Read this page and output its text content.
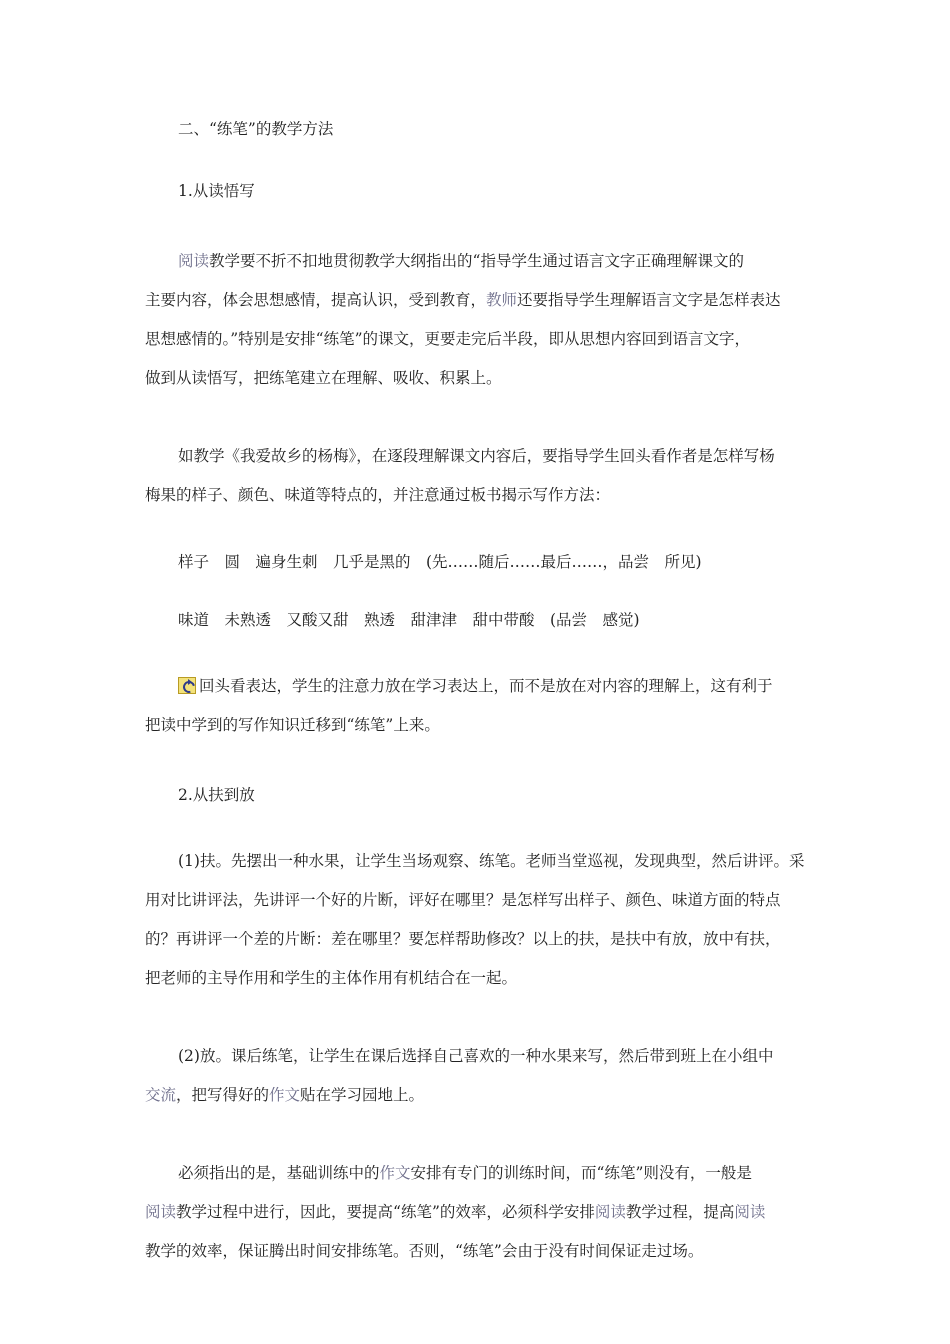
二、“练笔”的教学方法
1.从读悟写
阅读教学要不折不扣地贯彻教学大纲指出的“指导学生通过语言文字正确理解课文的
主要内容，体会思想感情，提高认识，受到教育，教师还要指导学生理解语言文字是怎样表达
思想感情的。”特别是安排“练笔”的课文，更要走完后半段，即从思想内容回到语言文字，
做到从读悟写，把练笔建立在理解、吸收、积累上。
如教学《我爱故乡的杨梅》，在逐段理解课文内容后，要指导学生回头看作者是怎样写杨
梅果的样子、颜色、味道等特点的，并注意通过板书揭示写作方法：
样子　圆　遍身生刺　几乎是黑的　(先……随后……最后……，品尝　所见)
味道　未熟透　又酸又甜　熟透　甜津津　甜中带酸　(品尝　感觉)
回头看表达，学生的注意力放在学习表达上，而不是放在对内容的理解上，这有利于
把读中学到的写作知识迁移到“练笔”上来。
2.从扶到放
(1)扶。先摆出一种水果，让学生当场观察、练笔。老师当堂巡视，发现典型，然后讲评。采
用对比讲评法，先讲评一个好的片断，评好在哪里？是怎样写出样子、颜色、味道方面的特点
的？再讲评一个差的片断：差在哪里？要怎样帮助修改？以上的扶，是扶中有放，放中有扶，
把老师的主导作用和学生的主体作用有机结合在一起。
(2)放。课后练笔，让学生在课后选择自己喜欢的一种水果来写，然后带到班上在小组中
交流，把写得好的作文贴在学习园地上。
必须指出的是，基础训练中的作文安排有专门的训练时间，而“练笔”则没有，一般是
阅读教学过程中进行，因此，要提高“练笔”的效率，必须科学安排阅读教学过程，提高阅读
教学的效率，保证腾出时间安排练笔。否则，“练笔”会由于没有时间保证走过场。
